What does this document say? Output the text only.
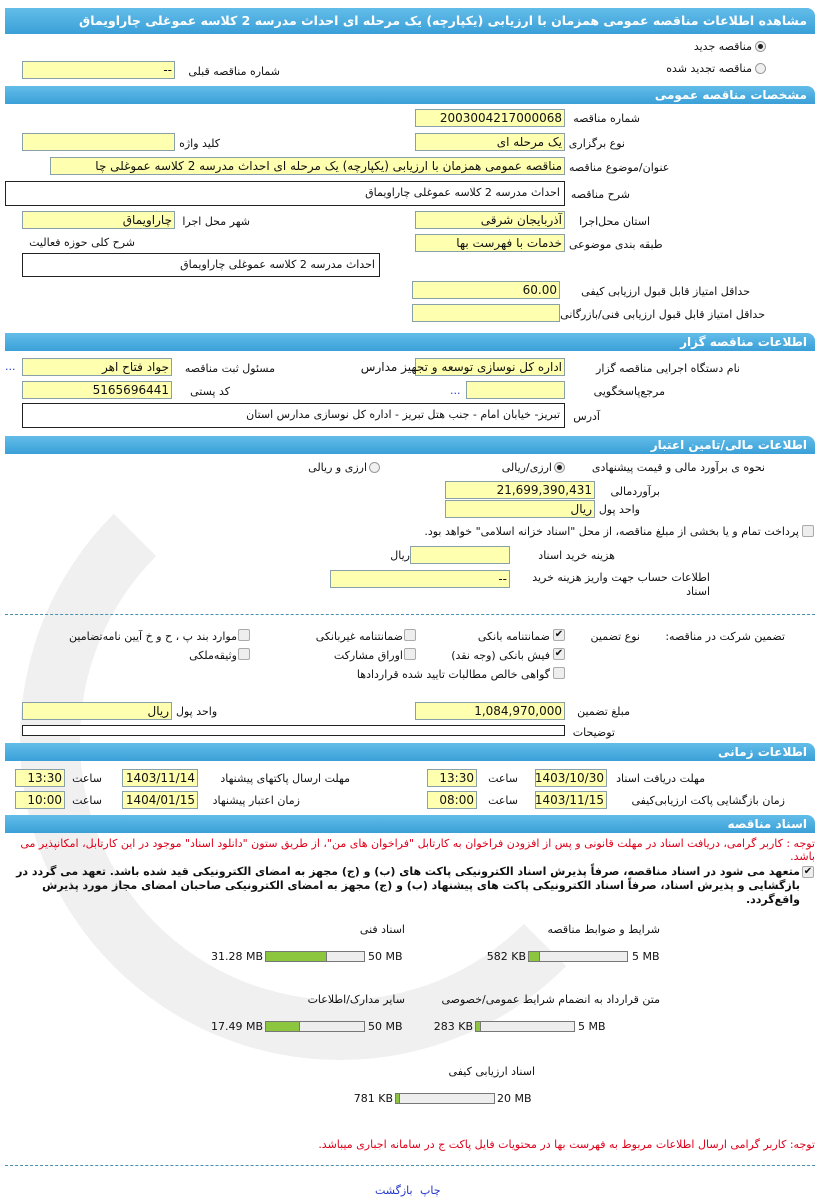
مشاهده اطلاعات مناقصه عمومی همزمان با ارزیابی (یکپارچه) یک مرحله ای احداث مدرسه 2 کلاسه عموغلی چاراویماق
مناقصه جدید
مناقصه تجدید شده
شماره مناقصه قبلی
--
مشخصات مناقصه عمومی
شماره مناقصه
2003004217000068
نوع برگزاری
یک مرحله ای
کلید واژه
عنوان/موضوع مناقصه
مناقصه عمومی همزمان با ارزیابی (یکپارچه) یک مرحله ای احداث مدرسه 2 کلاسه عموغلی چا
شرح مناقصه
احداث مدرسه 2 کلاسه عموغلی چاراویماق
استان محل‌اجرا
آذربایجان شرقی
شهر محل اجرا
چاراویماق
طبقه بندی موضوعی
خدمات با فهرست بها
شرح کلی حوزه فعالیت
احداث مدرسه 2 کلاسه عموغلی چاراویماق
حداقل امتیاز قابل قبول ارزیابی کیفی
60.00
حداقل امتیاز قابل قبول ارزیابی فنی/بازرگانی
اطلاعات مناقصه گزار
نام دستگاه اجرایی مناقصه گزار
اداره کل نوسازی توسعه و تجهیز مدارس
مسئول ثبت مناقصه
جواد فتاح اهر
...
مرجع‌پاسخگویی
...
کد پستی
5165696441
آدرس
تبریز- خیابان امام - جنب هتل تبریز - اداره کل نوسازی مدارس استان
اطلاعات مالی/تامین اعتبار
نحوه ی برآورد مالی و قیمت پیشنهادی
ارزی/ریالی
ارزی و ریالی
برآوردمالی
21,699,390,431
واحد پول
ریال
پرداخت تمام و یا بخشی از مبلغ مناقصه، از محل "اسناد خزانه اسلامی" خواهد بود.
هزینه خرید اسناد
ریال
اطلاعات حساب جهت واریز هزینه خرید اسناد
--
تضمین شرکت در مناقصه:
نوع تضمین
✔
ضمانتنامه بانکی
ضمانتنامه غیربانکی
موارد بند پ ، ح و خ آیین نامه‌تضامین
✔
فیش بانکی (وجه نقد)
اوراق مشارکت
وثیقه‌ملکی
گواهی خالص مطالبات تایید شده قراردادها
مبلغ تضمین
1,084,970,000
واحد پول
ریال
توضیحات
اطلاعات زمانی
مهلت دریافت اسناد
1403/10/30
ساعت
13:30
مهلت ارسال پاکتهای پیشنهاد
1403/11/14
ساعت
13:30
زمان بازگشایی پاکت ارزیابی‌کیفی
1403/11/15
ساعت
08:00
زمان اعتبار پیشنهاد
1404/01/15
ساعت
10:00
اسناد مناقصه
توجه : کاربر گرامی، دریافت اسناد در مهلت قانونی و پس از افزودن فراخوان به کارتابل "فراخوان های من"، از طریق ستون "دانلود اسناد" موجود در این کارتابل، امکانپذیر می باشد.
✔
متعهد می شود در اسناد مناقصه، صرفاً پذیرش اسناد الکترونیکی پاکت های (ب) و (ج) مجهز به امضای الکترونیکی قید شده باشد. تعهد می گردد در بازگشایی و پذیرش اسناد، صرفاً اسناد الکترونیکی پاکت های پیشنهاد (ب) و (ج) مجهز به امضای الکترونیکی صاحبان امضای مجاز مورد پذیرش واقع‌گردد.
شرایط و ضوابط مناقصه
5 MB
582 KB
اسناد فنی
50 MB
31.28 MB
متن قرارداد به انضمام شرایط عمومی/خصوصی
5 MB
283 KB
سایر مدارک/اطلاعات
50 MB
17.49 MB
اسناد ارزیابی کیفی
20 MB
781 KB
توجه: کاربر گرامی ارسال اطلاعات مربوط به فهرست بها در محتویات فایل پاکت ج در سامانه اجباری میباشد.
چاپ
بازگشت
